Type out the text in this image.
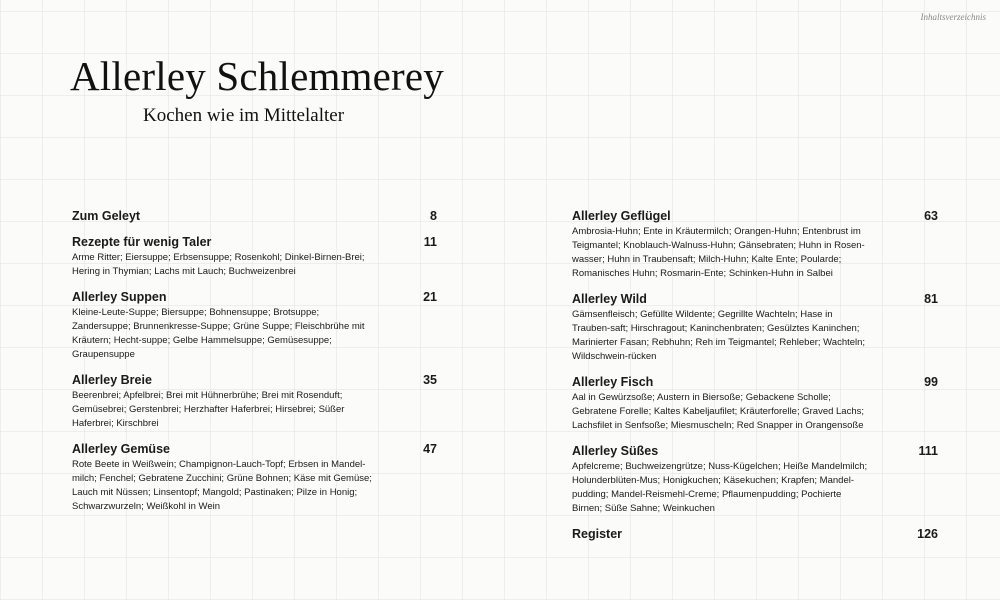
Inhaltsverzeichnis
Allerley Schlemmerey
Kochen wie im Mittelalter
Zum Geleyt	8
Rezepte für wenig Taler	11
Arme Ritter; Eiersuppe; Erbsensuppe; Rosenkohl; Dinkel-Birnen-Brei; Hering in Thymian; Lachs mit Lauch; Buchweizenbrei
Allerley Suppen	21
Kleine-Leute-Suppe; Biersuppe; Bohnensuppe; Brotsuppe; Zandersuppe; Brunnenkresse-Suppe; Grüne Suppe; Fleischbrühe mit Kräutern; Hecht-suppe; Gelbe Hammelsuppe; Gemüsesuppe; Graupensuppe
Allerley Breie	35
Beerenbrei; Apfelbrei; Brei mit Hühnerbrühe; Brei mit Rosenduft; Gemüsebrei; Gerstenbrei; Herzhafter Haferbrei; Hirsebrei; Süßer Haferbrei; Kirschbrei
Allerley Gemüse	47
Rote Beete in Weißwein; Champignon-Lauch-Topf; Erbsen in Mandel-milch; Fenchel; Gebratene Zucchini; Grüne Bohnen; Käse mit Gemüse; Lauch mit Nüssen; Linsentopf; Mangold; Pastinaken; Pilze in Honig; Schwarzwurzeln; Weißkohl in Wein
Allerley Geflügel	63
Ambrosia-Huhn; Ente in Kräutermilch; Orangen-Huhn; Entenbrust im Teigmantel; Knoblauch-Walnuss-Huhn; Gänsebraten; Huhn in Rosen-wasser; Huhn in Traubensaft; Milch-Huhn; Kalte Ente; Poularde; Romanisches Huhn; Rosmarin-Ente; Schinken-Huhn in Salbei
Allerley Wild	81
Gämsenfleisch; Gefüllte Wildente; Gegrillte Wachteln; Hase in Trauben-saft; Hirschragout; Kaninchenbraten; Gesülztes Kaninchen; Marinierter Fasan; Rebhuhn; Reh im Teigmantel; Rehleber; Wachteln; Wildschwein-rücken
Allerley Fisch	99
Aal in Gewürzsoße; Austern in Biersoße; Gebackene Scholle; Gebratene Forelle; Kaltes Kabeljaufilet; Kräuterforelle; Graved Lachs; Lachsfilet in Senfsoße; Miesmuscheln; Red Snapper in Orangensoße
Allerley Süßes	111
Apfelcreme; Buchweizengrütze; Nuss-Kügelchen; Heiße Mandelmilch; Holunderblüten-Mus; Honigkuchen; Käsekuchen; Krapfen; Mandel-pudding; Mandel-Reismehl-Creme; Pflaumenpudding; Pochierte Birnen; Süße Sahne; Weinkuchen
Register	126
